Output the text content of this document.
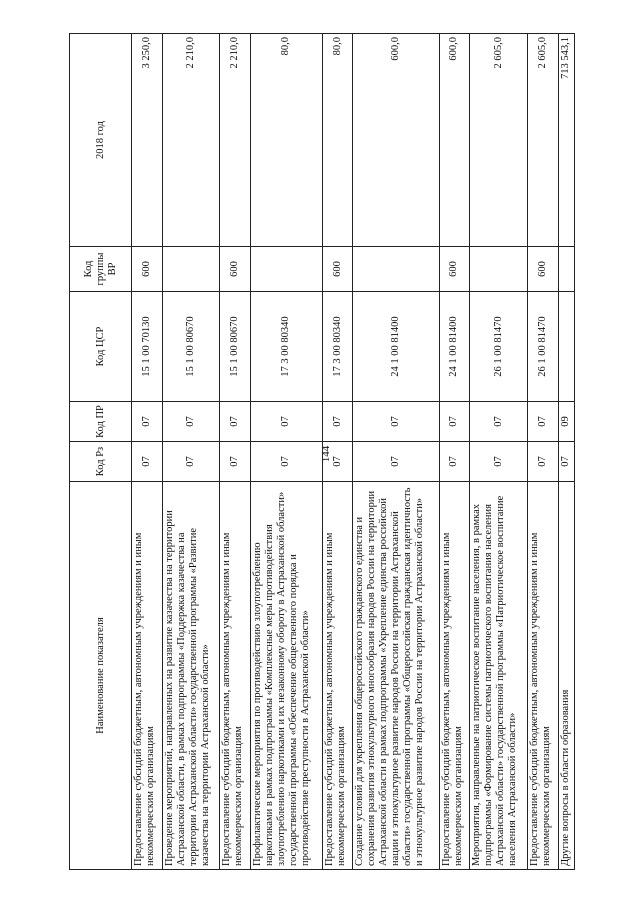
144
Наименование показателя	Код Рз	Код ПР	Код ЦСР	Код группы ВР	2018 год
Предоставление субсидий бюджетным, автономным учреждениям и иным некоммерческим организациям	07	07	15 1 00 70130	600	3 250,0
Проведение мероприятий, направленных на развитие казачества на территории Астраханской области, в рамках подпрограммы «Поддержка казачества на территории Астраханской области» государственной программы «Развитие казачества на территории Астраханской области»	07	07	15 1 00 80670		2 210,0
Предоставление субсидий бюджетным, автономным учреждениям и иным некоммерческим организациям	07	07	15 1 00 80670	600	2 210,0
Профилактические мероприятия по противодействию злоупотреблению наркотиками в рамках подпрограммы «Комплексные меры противодействия злоупотреблению наркотиками и их незаконному обороту в Астраханской области» государственной программы «Обеспечение общественного порядка и противодействие преступности в Астраханской области»	07	07	17 3 00 80340		80,0
Предоставление субсидий бюджетным, автономным учреждениям и иным некоммерческим организациям	07	07	17 3 00 80340	600	80,0
Создание условий для укрепления общероссийского гражданского единства и сохранения развития этнокультурного многообразия народов России на территории Астраханской области в рамках подпрограммы «Укрепление единства российской нации и этнокультурное развитие народов России на территории Астраханской области» государственной программы «Общероссийская гражданская идентичность и этнокультурное развитие народов России на территории Астраханской области»	07	07	24 1 00 81400		600,0
Предоставление субсидий бюджетным, автономным учреждениям и иным некоммерческим организациям	07	07	24 1 00 81400	600	600,0
Мероприятия, направленные на патриотическое воспитание населения, в рамках подпрограммы «Формирование системы патриотического воспитания населения Астраханской области» государственной программы «Патриотическое воспитание населения Астраханской области»	07	07	26 1 00 81470		2 605,0
Предоставление субсидий бюджетным, автономным учреждениям и иным некоммерческим организациям	07	07	26 1 00 81470	600	2 605,0
Другие вопросы в области образования	07	09			713 543,1
